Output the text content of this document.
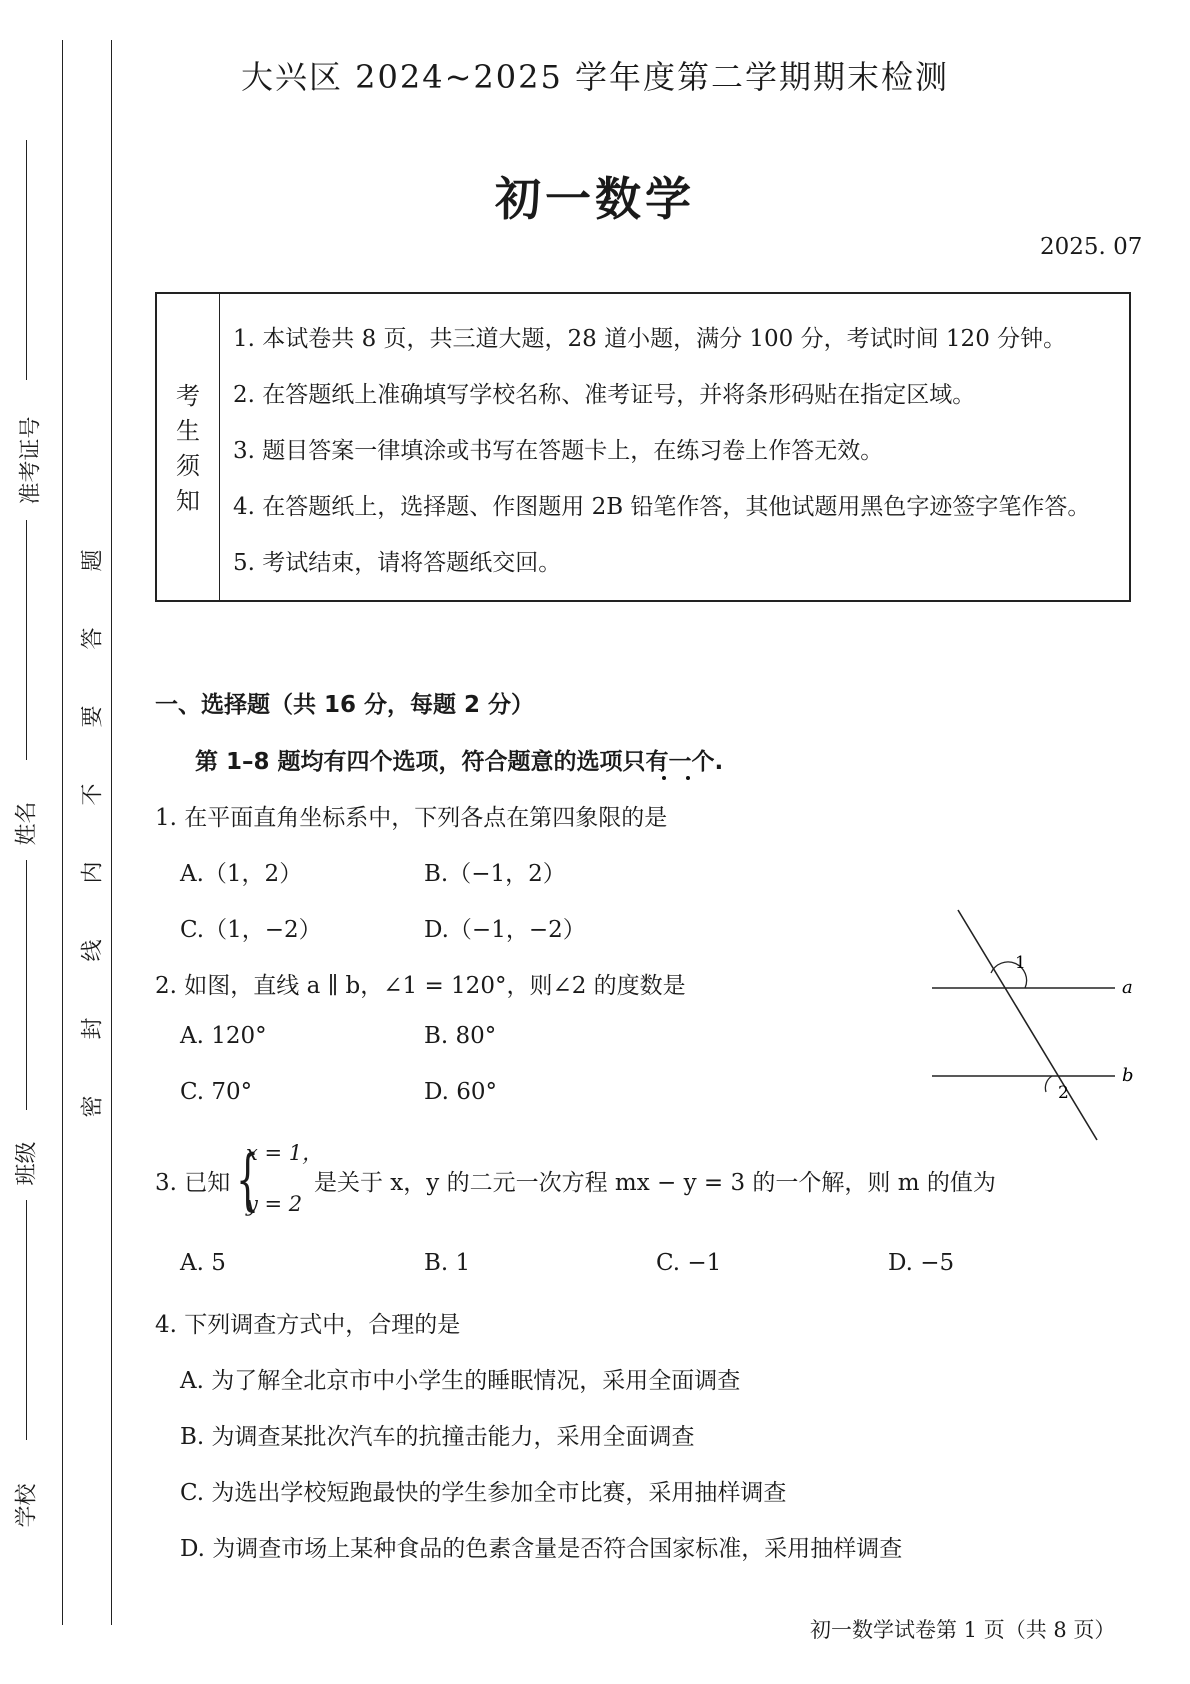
准考证号
姓名
班级
学校
题
答
要
不
内
线
封
密
大兴区 2024~2025 学年度第二学期期末检测
初一数学
2025. 07
考
生
须
知
1. 本试卷共 8 页，共三道大题，28 道小题，满分 100 分，考试时间 120 分钟。
2. 在答题纸上准确填写学校名称、准考证号，并将条形码贴在指定区域。
3. 题目答案一律填涂或书写在答题卡上，在练习卷上作答无效。
4. 在答题纸上，选择题、作图题用 2B 铅笔作答，其他试题用黑色字迹签字笔作答。
5. 考试结束，请将答题纸交回。
一、选择题（共 16 分，每题 2 分）
第 1–8 题均有四个选项，符合题意的选项只有一个.
1. 在平面直角坐标系中，下列各点在第四象限的是
A.（1，2）	B.（−1，2）
C.（1，−2）	D.（−1，−2）
2. 如图，直线 a ∥ b，∠1 = 120°，则∠2 的度数是
A. 120°	B. 80°
C. 70°	D. 60°
1
2
a
b
3. 已知 {
x = 1，
y = 2
是关于 x，y 的二元一次方程 mx − y = 3 的一个解，则 m 的值为
A. 5	B. 1	C. −1	D. −5
4. 下列调查方式中，合理的是
A. 为了解全北京市中小学生的睡眠情况，采用全面调查
B. 为调查某批次汽车的抗撞击能力，采用全面调查
C. 为选出学校短跑最快的学生参加全市比赛，采用抽样调查
D. 为调查市场上某种食品的色素含量是否符合国家标准，采用抽样调查
初一数学试卷第 1 页（共 8 页）
